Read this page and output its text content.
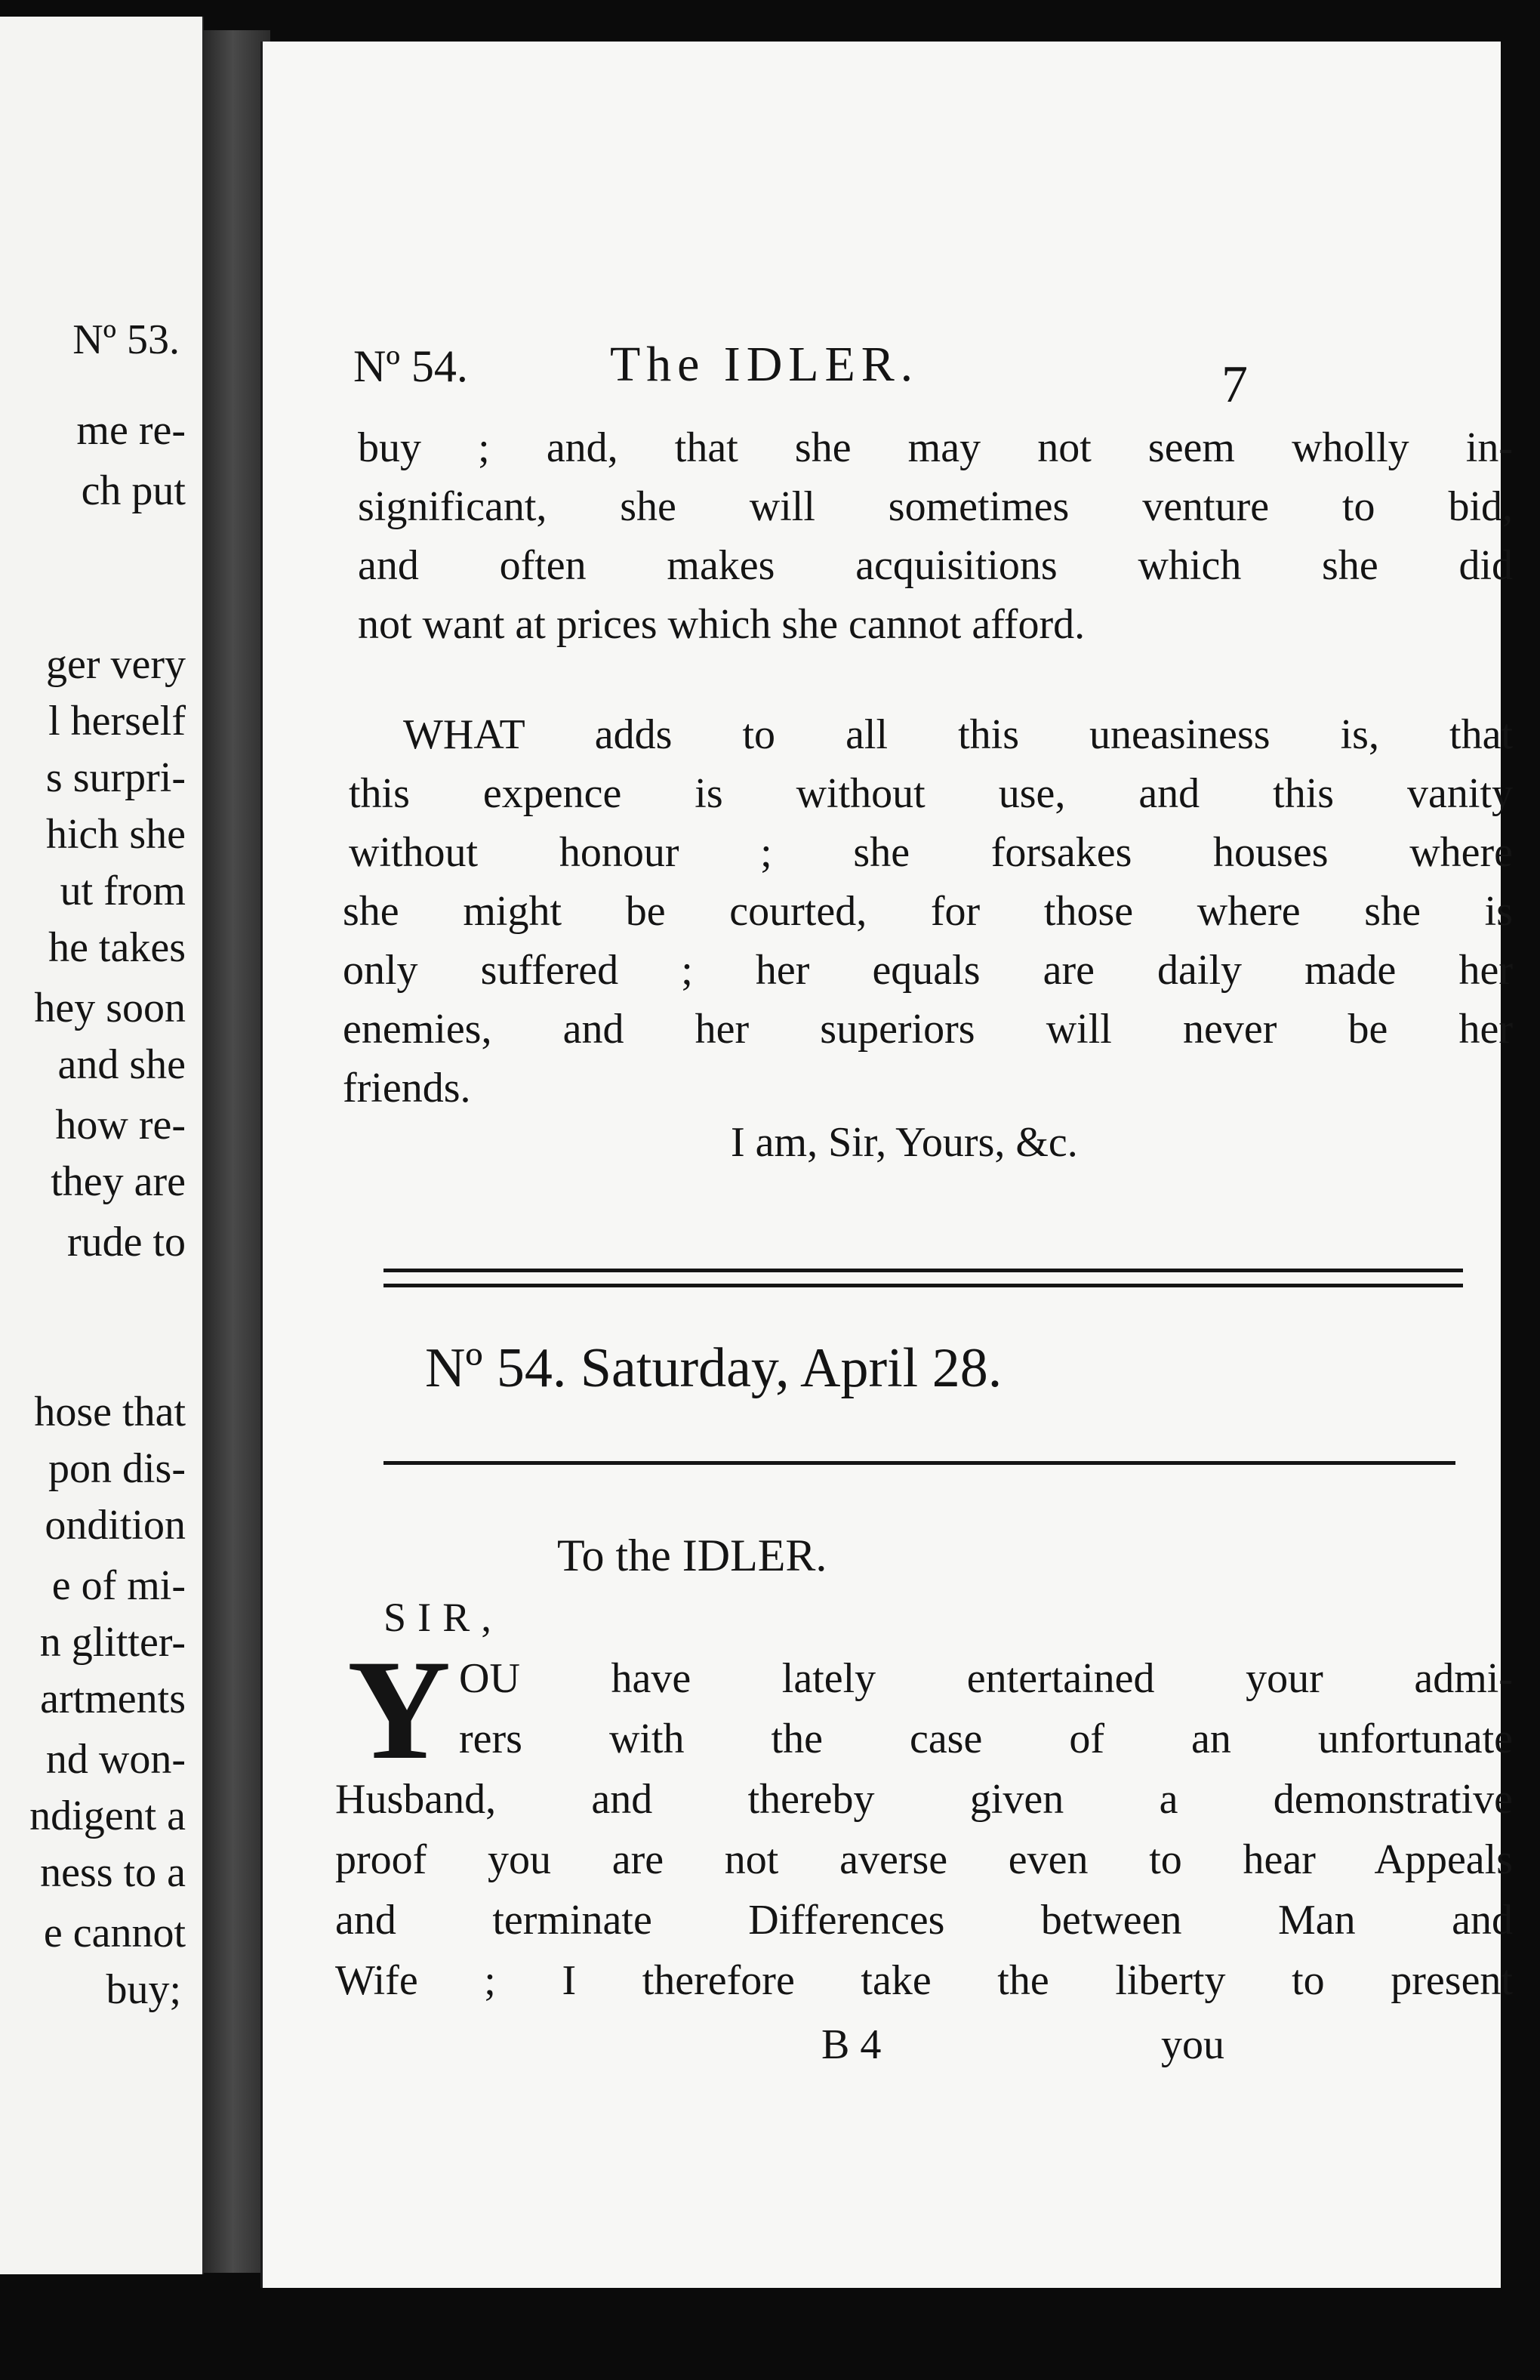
Nº 53.
me re-
ch put
ger very
l herself
s surpri-
hich she
ut from
he takes
hey soon
and she
how re-
they are
rude to
hose that
pon dis-
ondition
e of mi-
n glitter-
artments
nd won-
ndigent a
ness to a
e cannot
buy;

Nº 54.	The IDLER.	7
buy ; and, that she may not seem wholly in-
significant, she will sometimes venture to bid,
and often makes acquisitions which she did
not want at prices which she cannot afford.
WHAT adds to all this uneasiness is, that
this expence is without use, and this vanity
without honour ; she forsakes houses where
she might be courted, for those where she is
only suffered ; her equals are daily made her
enemies, and her superiors will never be her
friends.
I am, Sir, Yours, &c.
Nº 54. Saturday, April 28.
To the IDLER.
SIR,
Y OU have lately entertained your admi-
rers with the case of an unfortunate
Husband, and thereby given a demonstrative
proof you are not averse even to hear Appeals
and terminate Differences between Man and
Wife ; I therefore take the liberty to present
B 4	you
